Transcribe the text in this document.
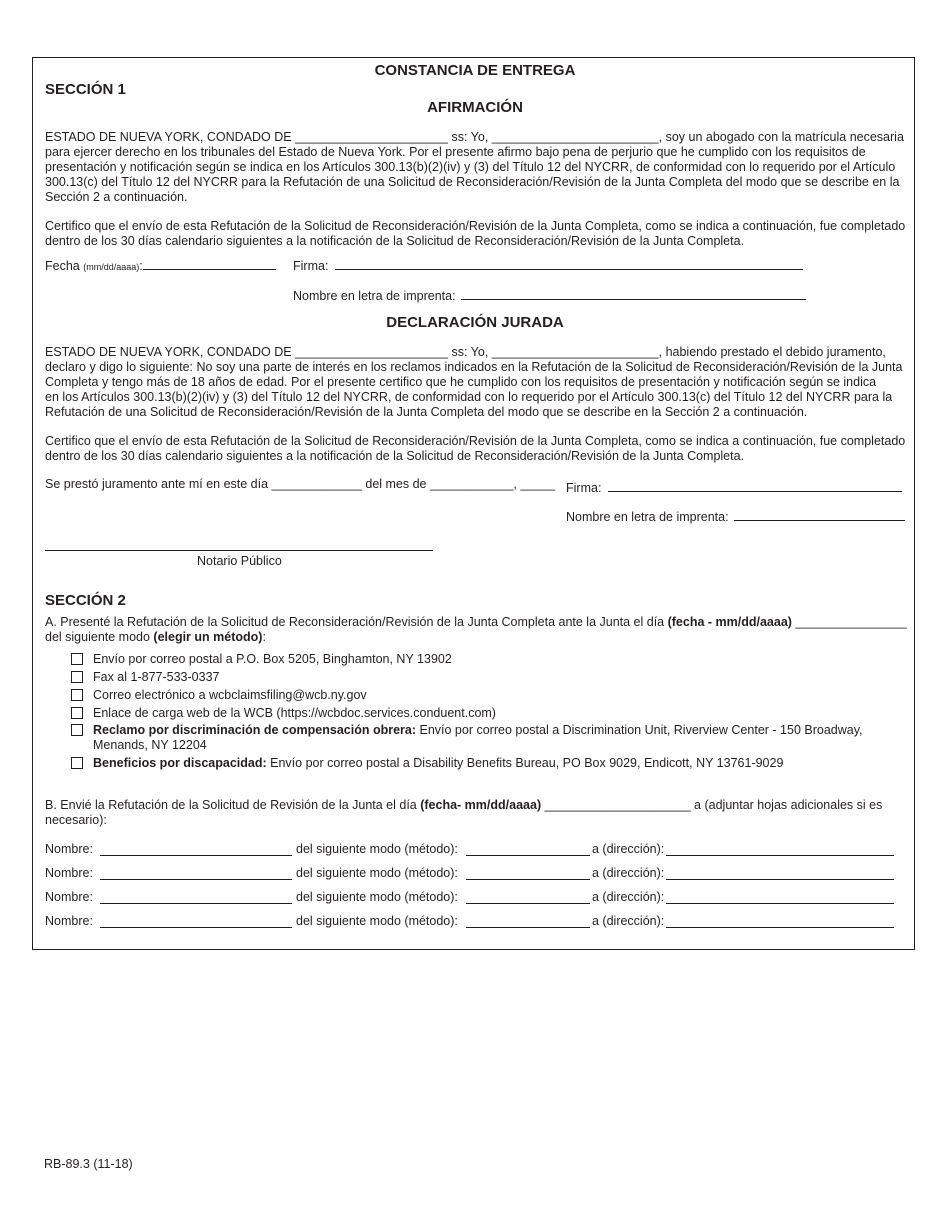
CONSTANCIA DE ENTREGA
SECCIÓN 1
AFIRMACIÓN
ESTADO DE NUEVA YORK, CONDADO DE ______________________ ss: Yo, ________________________, soy un abogado con la matrícula necesaria
para ejercer derecho en los tribunales del Estado de Nueva York. Por el presente afirmo bajo pena de perjurio que he cumplido con los requisitos de
presentación y notificación según se indica en los Artículos 300.13(b)(2)(iv) y (3) del Título 12 del NYCRR, de conformidad con lo requerido por el Artículo
300.13(c) del Título 12 del NYCRR para la Refutación de una Solicitud de Reconsideración/Revisión de la Junta Completa del modo que se describe en la
Sección 2 a continuación.
Certifico que el envío de esta Refutación de la Solicitud de Reconsideración/Revisión de la Junta Completa, como se indica a continuación, fue completado
dentro de los 30 días calendario siguientes a la notificación de la Solicitud de Reconsideración/Revisión de la Junta Completa.
Fecha (mm/dd/aaaa):	Firma:
Nombre en letra de imprenta:
DECLARACIÓN JURADA
ESTADO DE NUEVA YORK, CONDADO DE ______________________ ss: Yo, ________________________, habiendo prestado el debido juramento,
declaro y digo lo siguiente: No soy una parte de interés en los reclamos indicados en la Refutación de la Solicitud de Reconsideración/Revisión de la Junta
Completa y tengo más de 18 años de edad. Por el presente certifico que he cumplido con los requisitos de presentación y notificación según se indica
en los Artículos 300.13(b)(2)(iv) y (3) del Título 12 del NYCRR, de conformidad con lo requerido por el Artículo 300.13(c) del Título 12 del NYCRR para la
Refutación de una Solicitud de Reconsideración/Revisión de la Junta Completa del modo que se describe en la Sección 2 a continuación.
Certifico que el envío de esta Refutación de la Solicitud de Reconsideración/Revisión de la Junta Completa, como se indica a continuación, fue completado
dentro de los 30 días calendario siguientes a la notificación de la Solicitud de Reconsideración/Revisión de la Junta Completa.
Se prestó juramento ante mí en este día _____________ del mes de ____________, _____ Firma:
Nombre en letra de imprenta:
Notario Público
SECCIÓN 2
A. Presenté la Refutación de la Solicitud de Reconsideración/Revisión de la Junta Completa ante la Junta el día (fecha - mm/dd/aaaa) ________________
del siguiente modo (elegir un método):
Envío por correo postal a P.O. Box 5205, Binghamton, NY 13902
Fax al 1-877-533-0337
Correo electrónico a wcbclaimsfiling@wcb.ny.gov
Enlace de carga web de la WCB (https://wcbdoc.services.conduent.com)
Reclamo por discriminación de compensación obrera: Envío por correo postal a Discrimination Unit, Riverview Center - 150 Broadway, Menands, NY 12204
Beneficios por discapacidad: Envío por correo postal a Disability Benefits Bureau, PO Box 9029, Endicott, NY 13761-9029
B. Envié la Refutación de la Solicitud de Revisión de la Junta el día (fecha- mm/dd/aaaa) _____________________ a (adjuntar hojas adicionales si es
necesario):
Nombre:	del siguiente modo (método):	a (dirección):
Nombre:	del siguiente modo (método):	a (dirección):
Nombre:	del siguiente modo (método):	a (dirección):
Nombre:	del siguiente modo (método):	a (dirección):
RB-89.3 (11-18)
